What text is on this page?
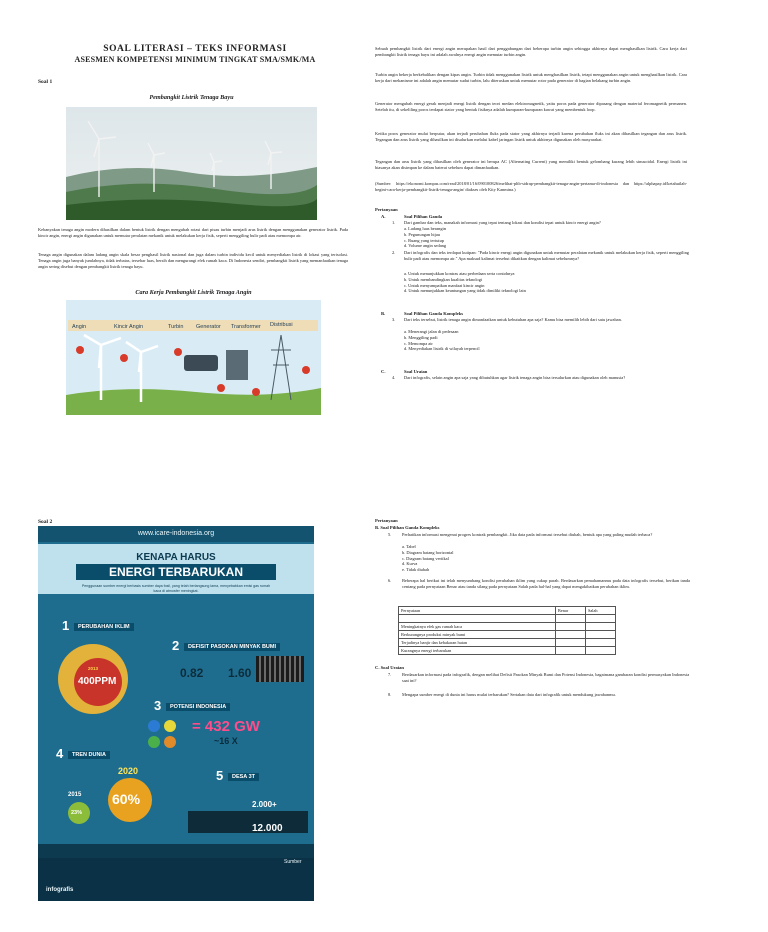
SOAL LITERASI – TEKS INFORMASI
ASESMEN KOMPETENSI MINIMUM TINGKAT SMA/SMK/MA
Soal 1
Pembangkit Listrik Tenaga Bayu
Kebanyakan tenaga angin modern dihasilkan dalam bentuk listrik dengan mengubah rotasi dari pisau turbin menjadi arus listrik dengan menggunakan generator listrik. Pada kincir angin, energi angin digunakan untuk memutar peralatan mekanik untuk melakukan kerja fisik, seperti menggiling bulir padi atau memompa air.
Tenaga angin digunakan dalam ladang angin skala besar penghasil listrik nasional dan juga dalam turbin individu kecil untuk menyediakan listrik di lokasi yang terisolasi. Tenaga angin juga banyak jumlahnya, tidak terbatas, tersebar luas, bersih dan mengurangi efek rumah kaca. Di Indonesia sendiri, pembangkit listrik yang memanfaatkan tenaga angin sering disebut dengan pembangkit listrik tenaga bayu.
Cara Kerja Pembangkit Listrik Tenaga Angin
Angin	Kincir Angin	Turbin Generator Transformer Distribusi
Sebuah pembangkit listrik dari energi angin merupakan hasil dari penggabungan dari beberapa turbin angin sehingga akhirnya dapat menghasilkan listrik. Cara kerja dari pembangkit listrik tenaga bayu ini adalah awalnya energi angin memutar turbin angin.
Turbin angin bekerja berkebalikan dengan kipas angin. Turbin tidak menggunakan listrik untuk menghasilkan listrik, tetapi menggunakan angin untuk menghasilkan listrik. Cara kerja dari mekanisme ini adalah angin memutar sudut turbin, lalu diteruskan untuk memutar rotor pada generator di bagian belakang turbin angin.
Generator mengubah energi gerak menjadi energi listrik dengan teori medan elektromagnetik, yaitu poros pada generator dipasang dengan material feromagnetik permanen. Setelah itu, di sekeliling poros terdapat stator yang bentuk fisiknya adalah kumparan-kumparan kawat yang membentuk loop.
Ketika poros generator mulai berputar, akan terjadi perubahan fluks pada stator yang akhirnya terjadi karena perubahan fluks ini akan dihasilkan tegangan dan arus listrik. Tegangan dan arus listrik yang dihasilkan ini disalurkan melalui kabel jaringan listrik untuk akhirnya digunakan oleh masyarakat.
Tegangan dan arus listrik yang dihasilkan oleh generator ini berupa AC (Alternating Current) yang memiliki bentuk gelombang kurang lebih sinusoidal. Energi listrik ini biasanya akan disimpan ke dalam baterai sebelum dapat dimanfaatkan.
(Sumber: https://ekonomi.kompas.com/read/2018/01/16/090100826/melihat-pltb-sidrap-pembangkit-tenaga-angin-pertama-di-indonesia dan https://alphapay.id/ketahuilah-begini-cara-kerja-pembangkit-listrik-tenaga-angin/ diakses oleh Kity Kanmina.)
Pertanyaan
A.	Soal Pilihan Ganda
1. Dari gambar dan teks, manakah informasi yang tepat tentang lokasi dan kondisi tepat untuk kincir energi angin?
a. Ladang luas berangin
b. Pegunungan hijau
c. Ruang yang tertutup
d. Volume angin sedang
2. Dari infografis dan teks terdapat kutipan: "Pada kincir energi angin digunakan untuk memutar peralatan mekanik untuk melakukan kerja fisik, seperti menggiling bulir padi atau memompa air." Apa maksud kalimat tersebut dikaitkan dengan kalimat sebelumnya?
a. Untuk menunjukkan kontras atau perbedaan serta contohnya
b. Untuk membandingkan kualitas teknologi
c. Untuk menyampaikan manfaat kincir angin
d. Untuk menunjukkan keuntungan yang tidak dimiliki teknologi lain
B.	Soal Pilihan Ganda Kompleks
3. Dari teks tersebut, listrik tenaga angin dimanfaatkan untuk kebutuhan apa saja? Kamu bisa memilih lebih dari satu jawaban.
a. Menerangi jalan di pedesaan
b. Menggiling padi
c. Memompa air
d. Menyediakan listrik di wilayah terpencil
C.	Soal Uraian
4. Dari infografis, selain angin apa saja yang dibutuhkan agar listrik tenaga angin bisa tersalurkan atau digunakan oleh manusia?
Soal 2
www.icare-indonesia.org
KENAPA HARUS
ENERGI TERBARUKAN
Penggunaan sumber energi berbasis sumber daya fosil, yang telah berlangsung lama, menyebabkan emisi gas rumah kaca di atmosfer meningkat.
1	PERUBAHAN IKLIM
2013
400PPM
2	DEFISIT PASOKAN MINYAK BUMI
0.82 1.60
3	POTENSI INDONESIA
= 432 GW
~16 X
4	TREN DUNIA
2020
2015 60%
23%
5	DESA 3T
2.000+
12.000
infografis
Sumber
Pertanyaan
B. Soal Pilihan Ganda Kompleks
5. Perhatikan informasi mengenai progres kontrak pembangkit. Jika data pada informasi tersebut diubah, bentuk apa yang paling mudah terbaca?
a. Tabel
b. Diagram batang horizontal
c. Diagram batang vertikal
d. Kurva
e. Tidak diubah
6. Beberapa hal berikut ini telah menyumbang kondisi perubahan iklim yang cukup parah. Berdasarkan pemahamanmu pada data infografis tersebut, berikan tanda centang pada pernyataan Benar atau tanda silang pada pernyataan Salah pada hal-hal yang dapat mengakibatkan perubahan iklim.
Pernyataan	Benar	Salah

Meningkatnya efek gas rumah kaca		
Berkurangnya produksi minyak bumi		
Terjadinya banjir dan kebakaran hutan		
Kurangnya energi terbarukan		
C. Soal Uraian
7. Berdasarkan informasi pada infografik, dengan melihat Defisit Pasokan Minyak Bumi dan Potensi Indonesia, bagaimana gambaran kondisi permasyakan Indonesia saat ini?
8. Mengapa sumber energi di dunia ini harus mulai terbarukan? Sertakan data dari infografik untuk mendukung jawabanmu.
